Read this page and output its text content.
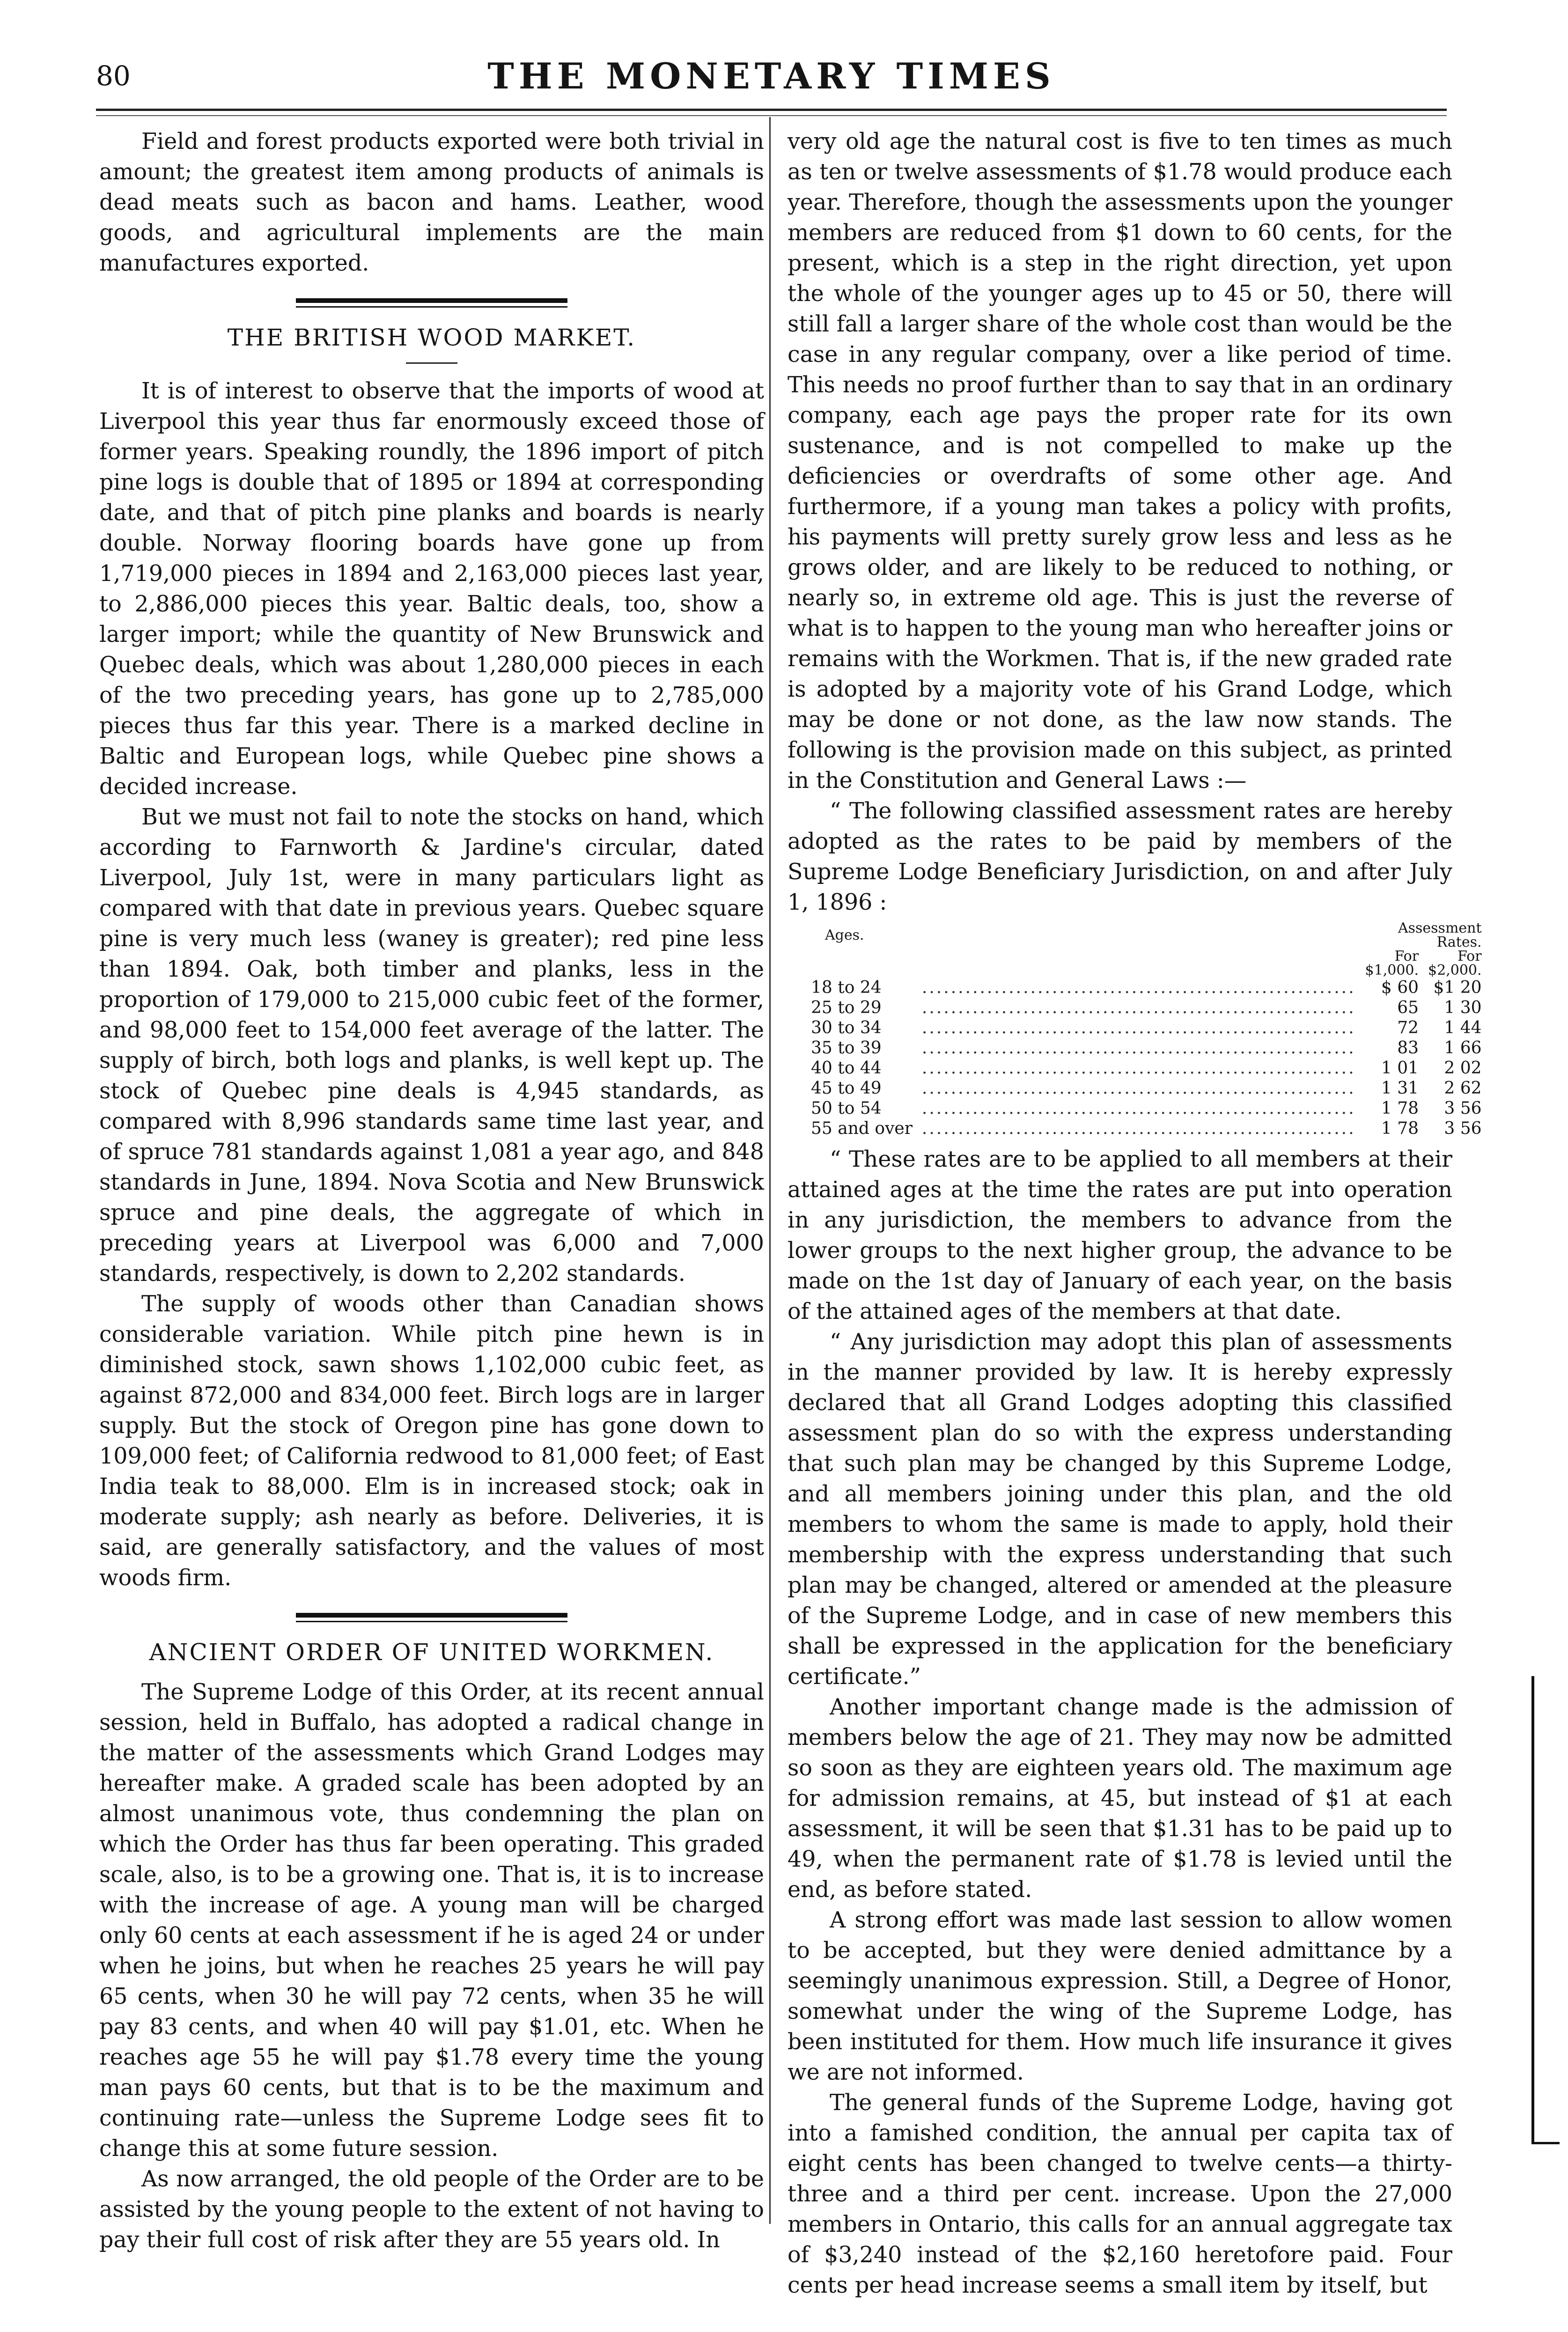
80	THE MONETARY TIMES

Field and forest products exported were both trivial in amount; the greatest item among products of animals is dead meats such as bacon and hams. Leather, wood goods, and agricultural implements are the main manufactures exported.

THE BRITISH WOOD MARKET.

It is of interest to observe that the imports of wood at Liverpool this year thus far enormously exceed those of former years. Speaking roundly, the 1896 import of pitch pine logs is double that of 1895 or 1894 at corresponding date, and that of pitch pine planks and boards is nearly double. Norway flooring boards have gone up from 1,719,000 pieces in 1894 and 2,163,000 pieces last year, to 2,886,000 pieces this year. Baltic deals, too, show a larger import; while the quantity of New Brunswick and Quebec deals, which was about 1,280,000 pieces in each of the two preceding years, has gone up to 2,785,000 pieces thus far this year. There is a marked decline in Baltic and European logs, while Quebec pine shows a decided increase.

But we must not fail to note the stocks on hand, which according to Farnworth & Jardine's circular, dated Liverpool, July 1st, were in many particulars light as compared with that date in previous years. Quebec square pine is very much less (waney is greater); red pine less than 1894. Oak, both timber and planks, less in the proportion of 179,000 to 215,000 cubic feet of the former, and 98,000 feet to 154,000 feet average of the latter. The supply of birch, both logs and planks, is well kept up. The stock of Quebec pine deals is 4,945 standards, as compared with 8,996 standards same time last year, and of spruce 781 standards against 1,081 a year ago, and 848 standards in June, 1894. Nova Scotia and New Brunswick spruce and pine deals, the aggregate of which in preceding years at Liverpool was 6,000 and 7,000 standards, respectively, is down to 2,202 standards.

The supply of woods other than Canadian shows considerable variation. While pitch pine hewn is in diminished stock, sawn shows 1,102,000 cubic feet, as against 872,000 and 834,000 feet. Birch logs are in larger supply. But the stock of Oregon pine has gone down to 109,000 feet; of California redwood to 81,000 feet; of East India teak to 88,000. Elm is in increased stock; oak in moderate supply; ash nearly as before. Deliveries, it is said, are generally satisfactory, and the values of most woods firm.

ANCIENT ORDER OF UNITED WORKMEN.

The Supreme Lodge of this Order, at its recent annual session, held in Buffalo, has adopted a radical change in the matter of the assessments which Grand Lodges may hereafter make. A graded scale has been adopted by an almost unanimous vote, thus condemning the plan on which the Order has thus far been operating. This graded scale, also, is to be a growing one. That is, it is to increase with the increase of age. A young man will be charged only 60 cents at each assessment if he is aged 24 or under when he joins, but when he reaches 25 years he will pay 65 cents, when 30 he will pay 72 cents, when 35 he will pay 83 cents, and when 40 will pay $1.01, etc. When he reaches age 55 he will pay $1.78 every time the young man pays 60 cents, but that is to be the maximum and continuing rate—unless the Supreme Lodge sees fit to change this at some future session.

As now arranged, the old people of the Order are to be assisted by the young people to the extent of not having to pay their full cost of risk after they are 55 years old. In

very old age the natural cost is five to ten times as much as ten or twelve assessments of $1.78 would produce each year. Therefore, though the assessments upon the younger members are reduced from $1 down to 60 cents, for the present, which is a step in the right direction, yet upon the whole of the younger ages up to 45 or 50, there will still fall a larger share of the whole cost than would be the case in any regular company, over a like period of time. This needs no proof further than to say that in an ordinary company, each age pays the proper rate for its own sustenance, and is not compelled to make up the deficiencies or overdrafts of some other age. And furthermore, if a young man takes a policy with profits, his payments will pretty surely grow less and less as he grows older, and are likely to be reduced to nothing, or nearly so, in extreme old age. This is just the reverse of what is to happen to the young man who hereafter joins or remains with the Workmen. That is, if the new graded rate is adopted by a majority vote of his Grand Lodge, which may be done or not done, as the law now stands. The following is the provision made on this subject, as printed in the Constitution and General Laws :—

“ The following classified assessment rates are hereby adopted as the rates to be paid by members of the Supreme Lodge Beneficiary Jurisdiction, on and after July 1, 1896 :

Ages.		Assessment Rates.	
		For $1,000.	For $2,000.
18 to 24	............................................................	$ 60	$1 20
25 to 29	............................................................	65	1 30
30 to 34	............................................................	72	1 44
35 to 39	............................................................	83	1 66
40 to 44	............................................................	1 01	2 02
45 to 49	............................................................	1 31	2 62
50 to 54	............................................................	1 78	3 56
55 and over	............................................................	1 78	3 56

“ These rates are to be applied to all members at their attained ages at the time the rates are put into operation in any jurisdiction, the members to advance from the lower groups to the next higher group, the advance to be made on the 1st day of January of each year, on the basis of the attained ages of the members at that date.

“ Any jurisdiction may adopt this plan of assessments in the manner provided by law. It is hereby expressly declared that all Grand Lodges adopting this classified assessment plan do so with the express understanding that such plan may be changed by this Supreme Lodge, and all members joining under this plan, and the old members to whom the same is made to apply, hold their membership with the express understanding that such plan may be changed, altered or amended at the pleasure of the Supreme Lodge, and in case of new members this shall be expressed in the application for the beneficiary certificate.”

Another important change made is the admission of members below the age of 21. They may now be admitted so soon as they are eighteen years old. The maximum age for admission remains, at 45, but instead of $1 at each assessment, it will be seen that $1.31 has to be paid up to 49, when the permanent rate of $1.78 is levied until the end, as before stated.

A strong effort was made last session to allow women to be accepted, but they were denied admittance by a seemingly unanimous expression. Still, a Degree of Honor, somewhat under the wing of the Supreme Lodge, has been instituted for them. How much life insurance it gives we are not informed.

The general funds of the Supreme Lodge, having got into a famished condition, the annual per capita tax of eight cents has been changed to twelve cents—a thirty-three and a third per cent. increase. Upon the 27,000 members in Ontario, this calls for an annual aggregate tax of $3,240 instead of the $2,160 heretofore paid. Four cents per head increase seems a small item by itself, but
